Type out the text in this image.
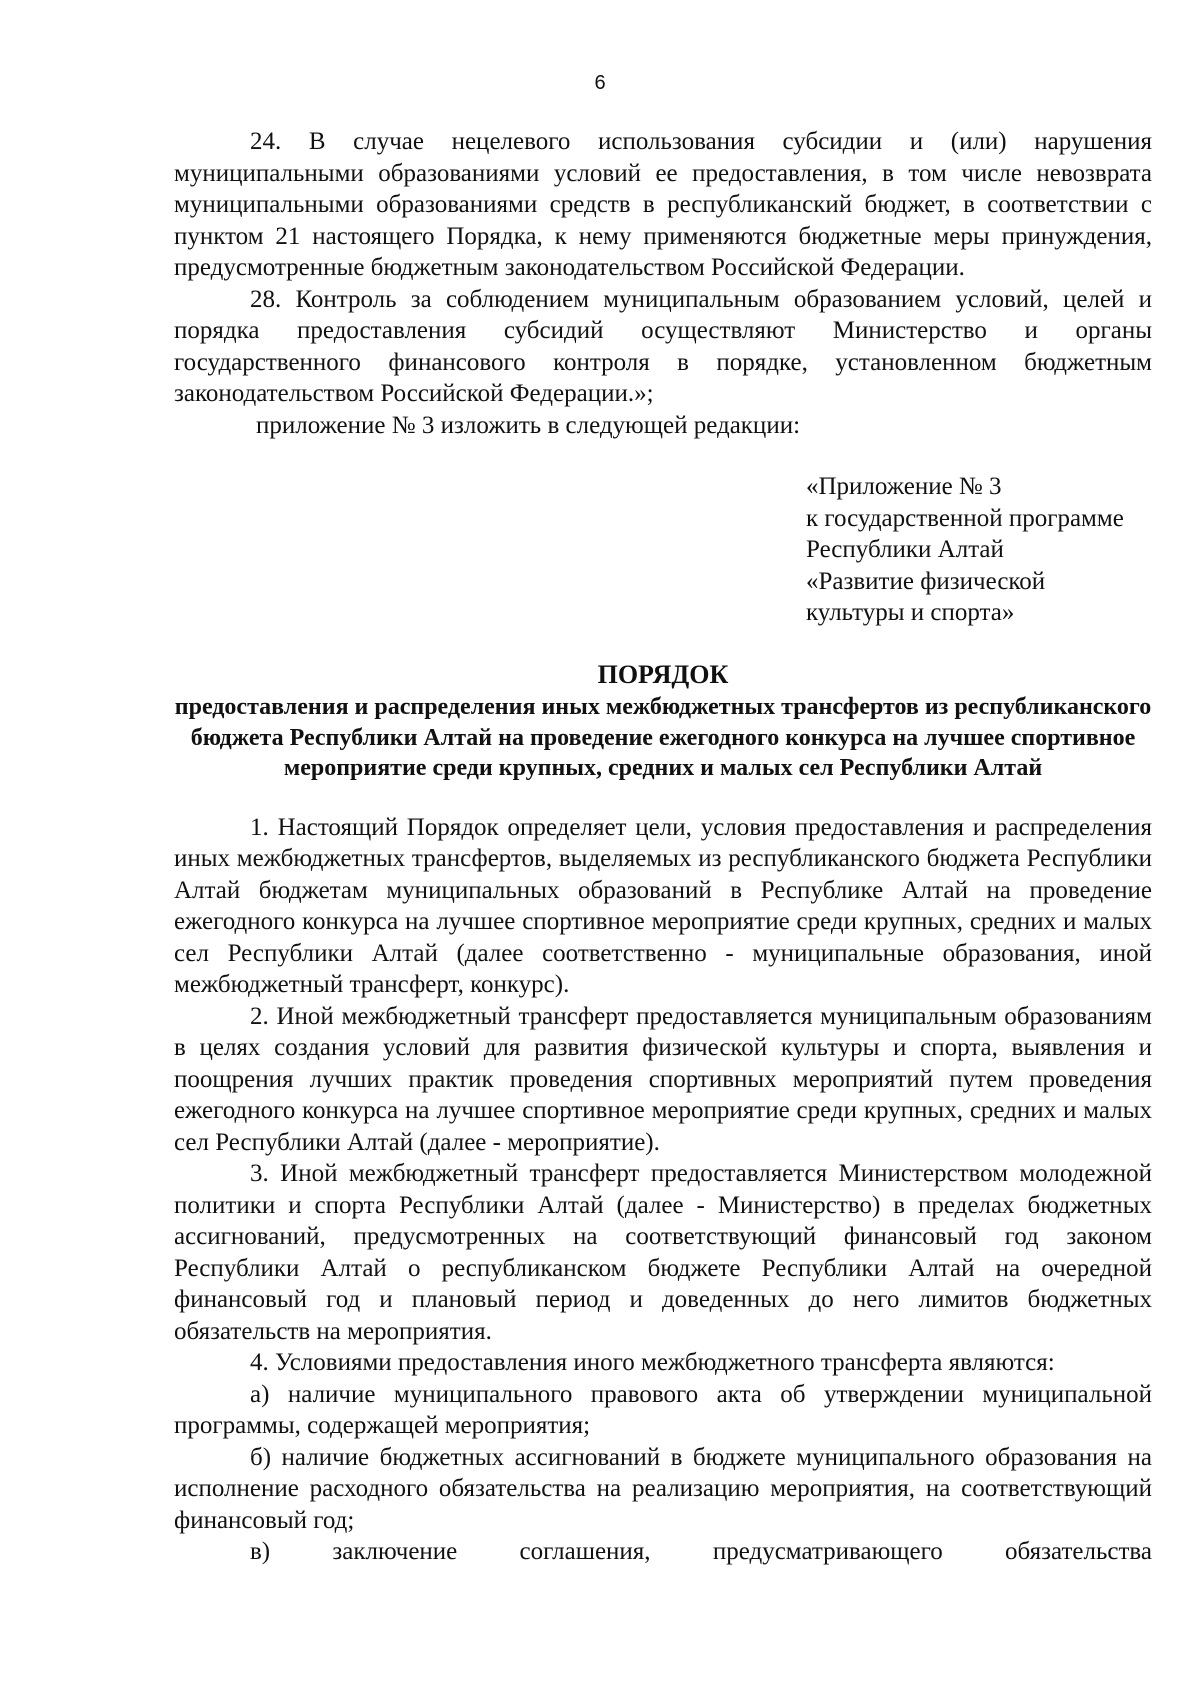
6

24. В случае нецелевого использования субсидии и (или) нарушения муниципальными образованиями условий ее предоставления, в том числе невозврата муниципальными образованиями средств в республиканский бюджет, в соответствии с пунктом 21 настоящего Порядка, к нему применяются бюджетные меры принуждения, предусмотренные бюджетным законодательством Российской Федерации.

28. Контроль за соблюдением муниципальным образованием условий, целей и порядка предоставления субсидий осуществляют Министерство и органы государственного финансового контроля в порядке, установленном бюджетным законодательством Российской Федерации.»;

приложение № 3 изложить в следующей редакции:

«Приложение № 3
к государственной программе
Республики Алтай
«Развитие физической
культуры и спорта»
ПОРЯДОК
предоставления и распределения иных межбюджетных трансфертов из республиканского бюджета Республики Алтай на проведение ежегодного конкурса на лучшее спортивное мероприятие среди крупных, средних и малых сел Республики Алтай

1. Настоящий Порядок определяет цели, условия предоставления и распределения иных межбюджетных трансфертов, выделяемых из республиканского бюджета Республики Алтай бюджетам муниципальных образований в Республике Алтай на проведение ежегодного конкурса на лучшее спортивное мероприятие среди крупных, средних и малых сел Республики Алтай (далее соответственно - муниципальные образования, иной межбюджетный трансферт, конкурс).

2. Иной межбюджетный трансферт предоставляется муниципальным образованиям в целях создания условий для развития физической культуры и спорта, выявления и поощрения лучших практик проведения спортивных мероприятий путем проведения ежегодного конкурса на лучшее спортивное мероприятие среди крупных, средних и малых сел Республики Алтай (далее - мероприятие).

3. Иной межбюджетный трансферт предоставляется Министерством молодежной политики и спорта Республики Алтай (далее - Министерство) в пределах бюджетных ассигнований, предусмотренных на соответствующий финансовый год законом Республики Алтай о республиканском бюджете Республики Алтай на очередной финансовый год и плановый период и доведенных до него лимитов бюджетных обязательств на мероприятия.

4. Условиями предоставления иного межбюджетного трансферта являются:

а) наличие муниципального правового акта об утверждении муниципальной программы, содержащей мероприятия;

б) наличие бюджетных ассигнований в бюджете муниципального образования на исполнение расходного обязательства на реализацию мероприятия, на соответствующий финансовый год;

в) заключение соглашения, предусматривающего обязательства
